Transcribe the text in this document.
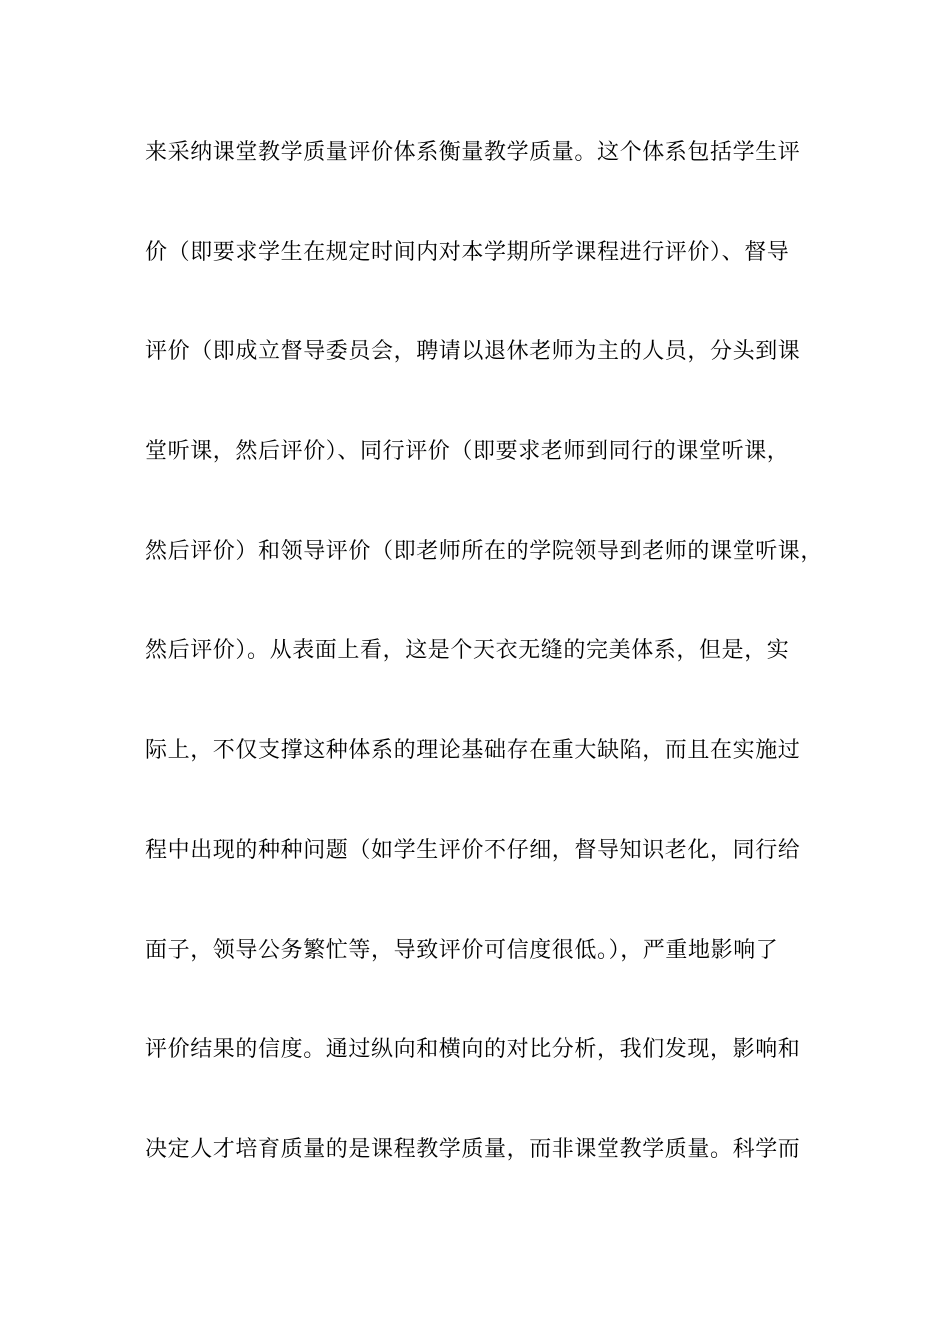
来采纳课堂教学质量评价体系衡量教学质量。这个体系包括学生评
价（即要求学生在规定时间内对本学期所学课程进行评价）、督导
评价（即成立督导委员会，聘请以退休老师为主的人员，分头到课
堂听课，然后评价）、同行评价（即要求老师到同行的课堂听课，
然后评价）和领导评价（即老师所在的学院领导到老师的课堂听课，
然后评价）。从表面上看，这是个天衣无缝的完美体系，但是，实
际上，不仅支撑这种体系的理论基础存在重大缺陷，而且在实施过
程中出现的种种问题（如学生评价不仔细，督导知识老化，同行给
面子，领导公务繁忙等，导致评价可信度很低。），严重地影响了
评价结果的信度。通过纵向和横向的对比分析，我们发现，影响和
决定人才培育质量的是课程教学质量，而非课堂教学质量。科学而
